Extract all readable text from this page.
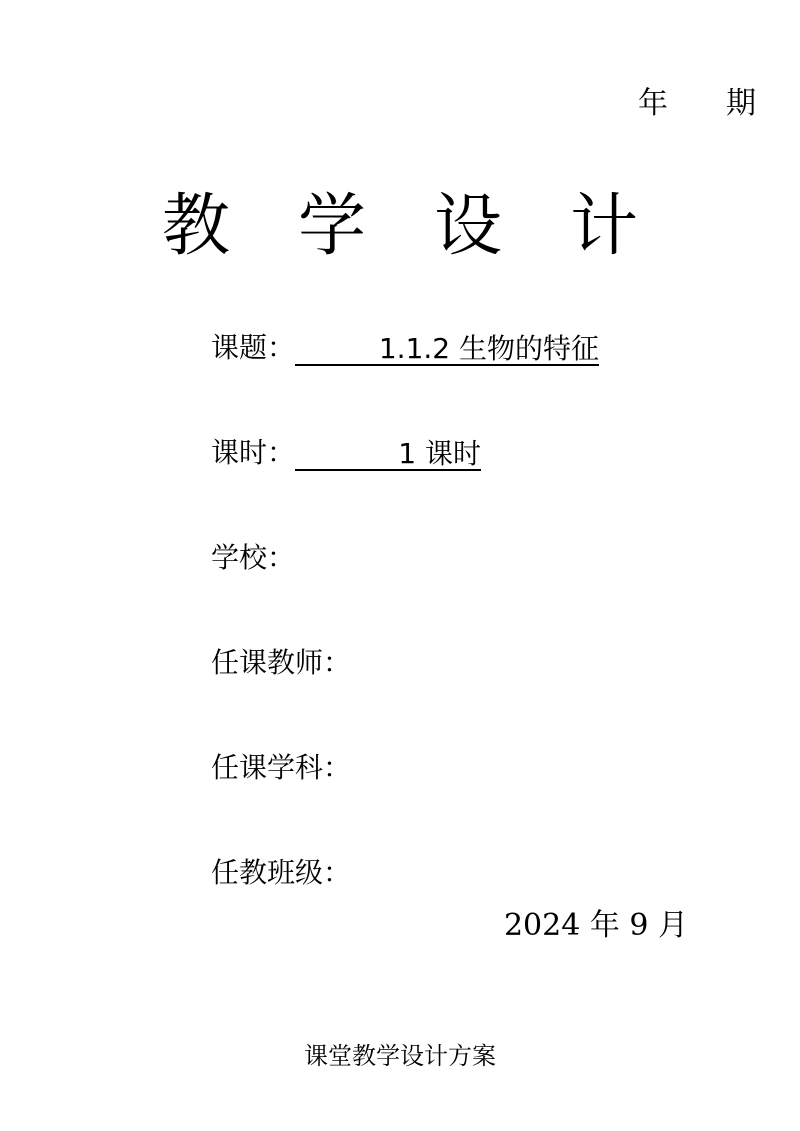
年 期
教 学 设 计
课题：	1.1.2 生物的特征
课时：	1 课时
学校：
任课教师：
任课学科：
任教班级：
2024 年 9 月
课堂教学设计方案
